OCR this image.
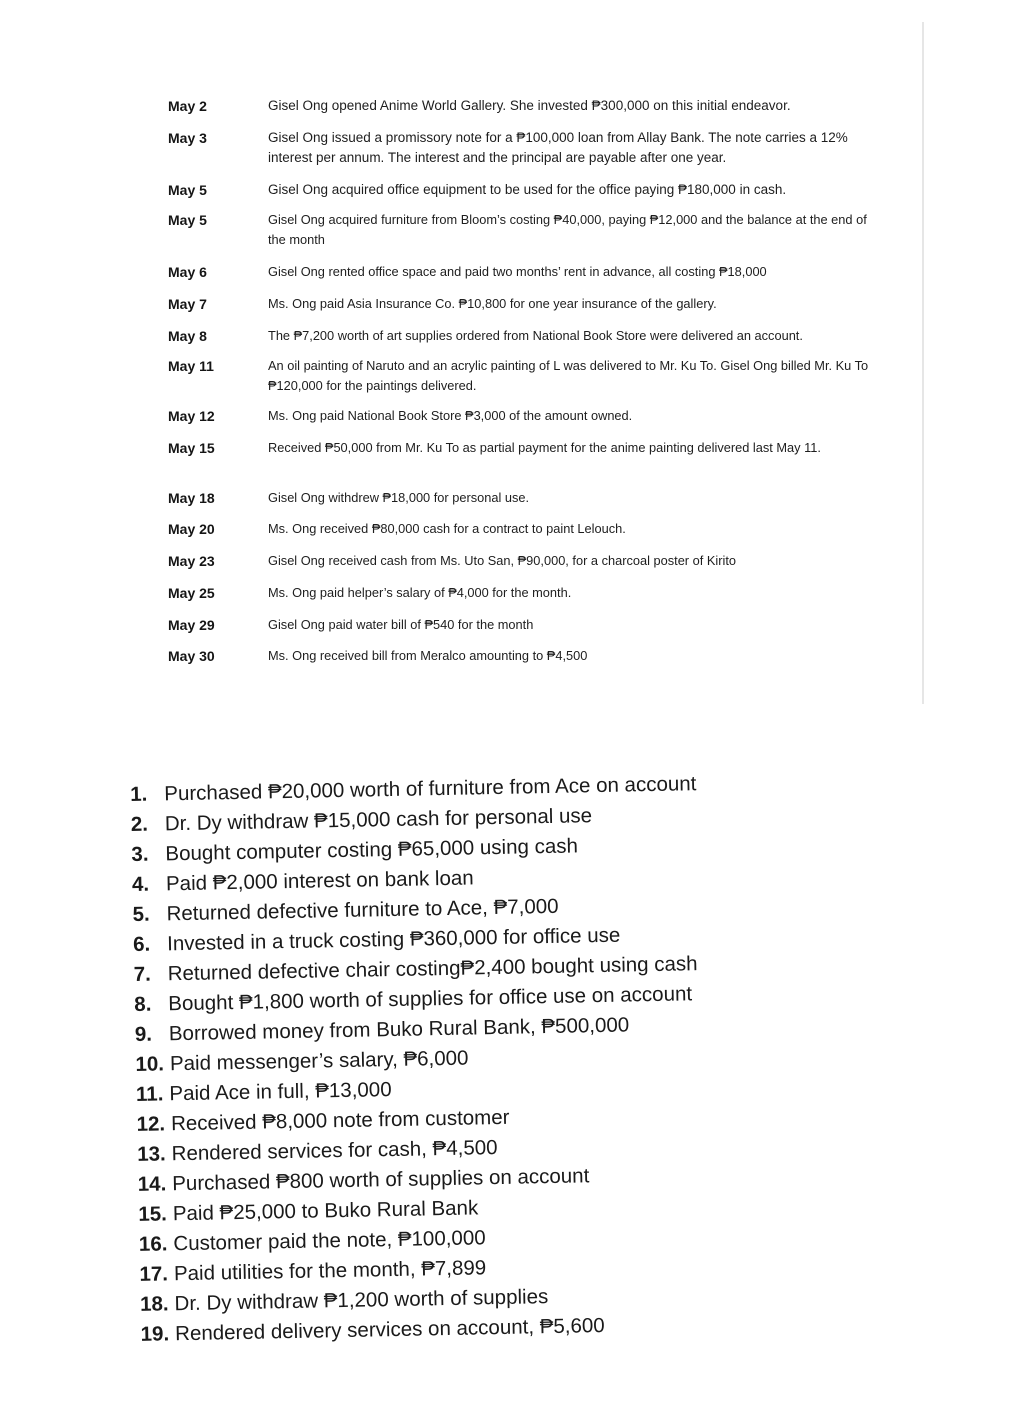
May 2	Gisel Ong opened Anime World Gallery. She invested ₱300,000 on this initial endeavor.
May 3	Gisel Ong issued a promissory note for a ₱100,000 loan from Allay Bank. The note carries a 12% interest per annum. The interest and the principal are payable after one year.
May 5	Gisel Ong acquired office equipment to be used for the office paying ₱180,000 in cash.
May 5	Gisel Ong acquired furniture from Bloom’s costing ₱40,000, paying ₱12,000 and the balance at the end of the month
May 6	Gisel Ong rented office space and paid two months’ rent in advance, all costing ₱18,000
May 7	Ms. Ong paid Asia Insurance Co. ₱10,800 for one year insurance of the gallery.
May 8	The ₱7,200 worth of art supplies ordered from National Book Store were delivered an account.
May 11	An oil painting of Naruto and an acrylic painting of L was delivered to Mr. Ku To. Gisel Ong billed Mr. Ku To ₱120,000 for the paintings delivered.
May 12	Ms. Ong paid National Book Store ₱3,000 of the amount owned.
May 15	Received ₱50,000 from Mr. Ku To as partial payment for the anime painting delivered last May 11.
May 18	Gisel Ong withdrew ₱18,000 for personal use.
May 20	Ms. Ong received ₱80,000 cash for a contract to paint Lelouch.
May 23	Gisel Ong received cash from Ms. Uto San, ₱90,000, for a charcoal poster of Kirito
May 25	Ms. Ong paid helper’s salary of ₱4,000 for the month.
May 29	Gisel Ong paid water bill of ₱540 for the month
May 30	Ms. Ong received bill from Meralco amounting to ₱4,500
1. Purchased ₱20,000 worth of furniture from Ace on account
2. Dr. Dy withdraw ₱15,000 cash for personal use
3. Bought computer costing ₱65,000 using cash
4. Paid ₱2,000 interest on bank loan
5. Returned defective furniture to Ace, ₱7,000
6. Invested in a truck costing ₱360,000 for office use
7. Returned defective chair costing₱2,400 bought using cash
8. Bought ₱1,800 worth of supplies for office use on account
9. Borrowed money from Buko Rural Bank, ₱500,000
10. Paid messenger’s salary, ₱6,000
11. Paid Ace in full, ₱13,000
12. Received ₱8,000 note from customer
13. Rendered services for cash, ₱4,500
14. Purchased ₱800 worth of supplies on account
15. Paid ₱25,000 to Buko Rural Bank
16. Customer paid the note, ₱100,000
17. Paid utilities for the month, ₱7,899
18. Dr. Dy withdraw ₱1,200 worth of supplies
19. Rendered delivery services on account, ₱5,600
